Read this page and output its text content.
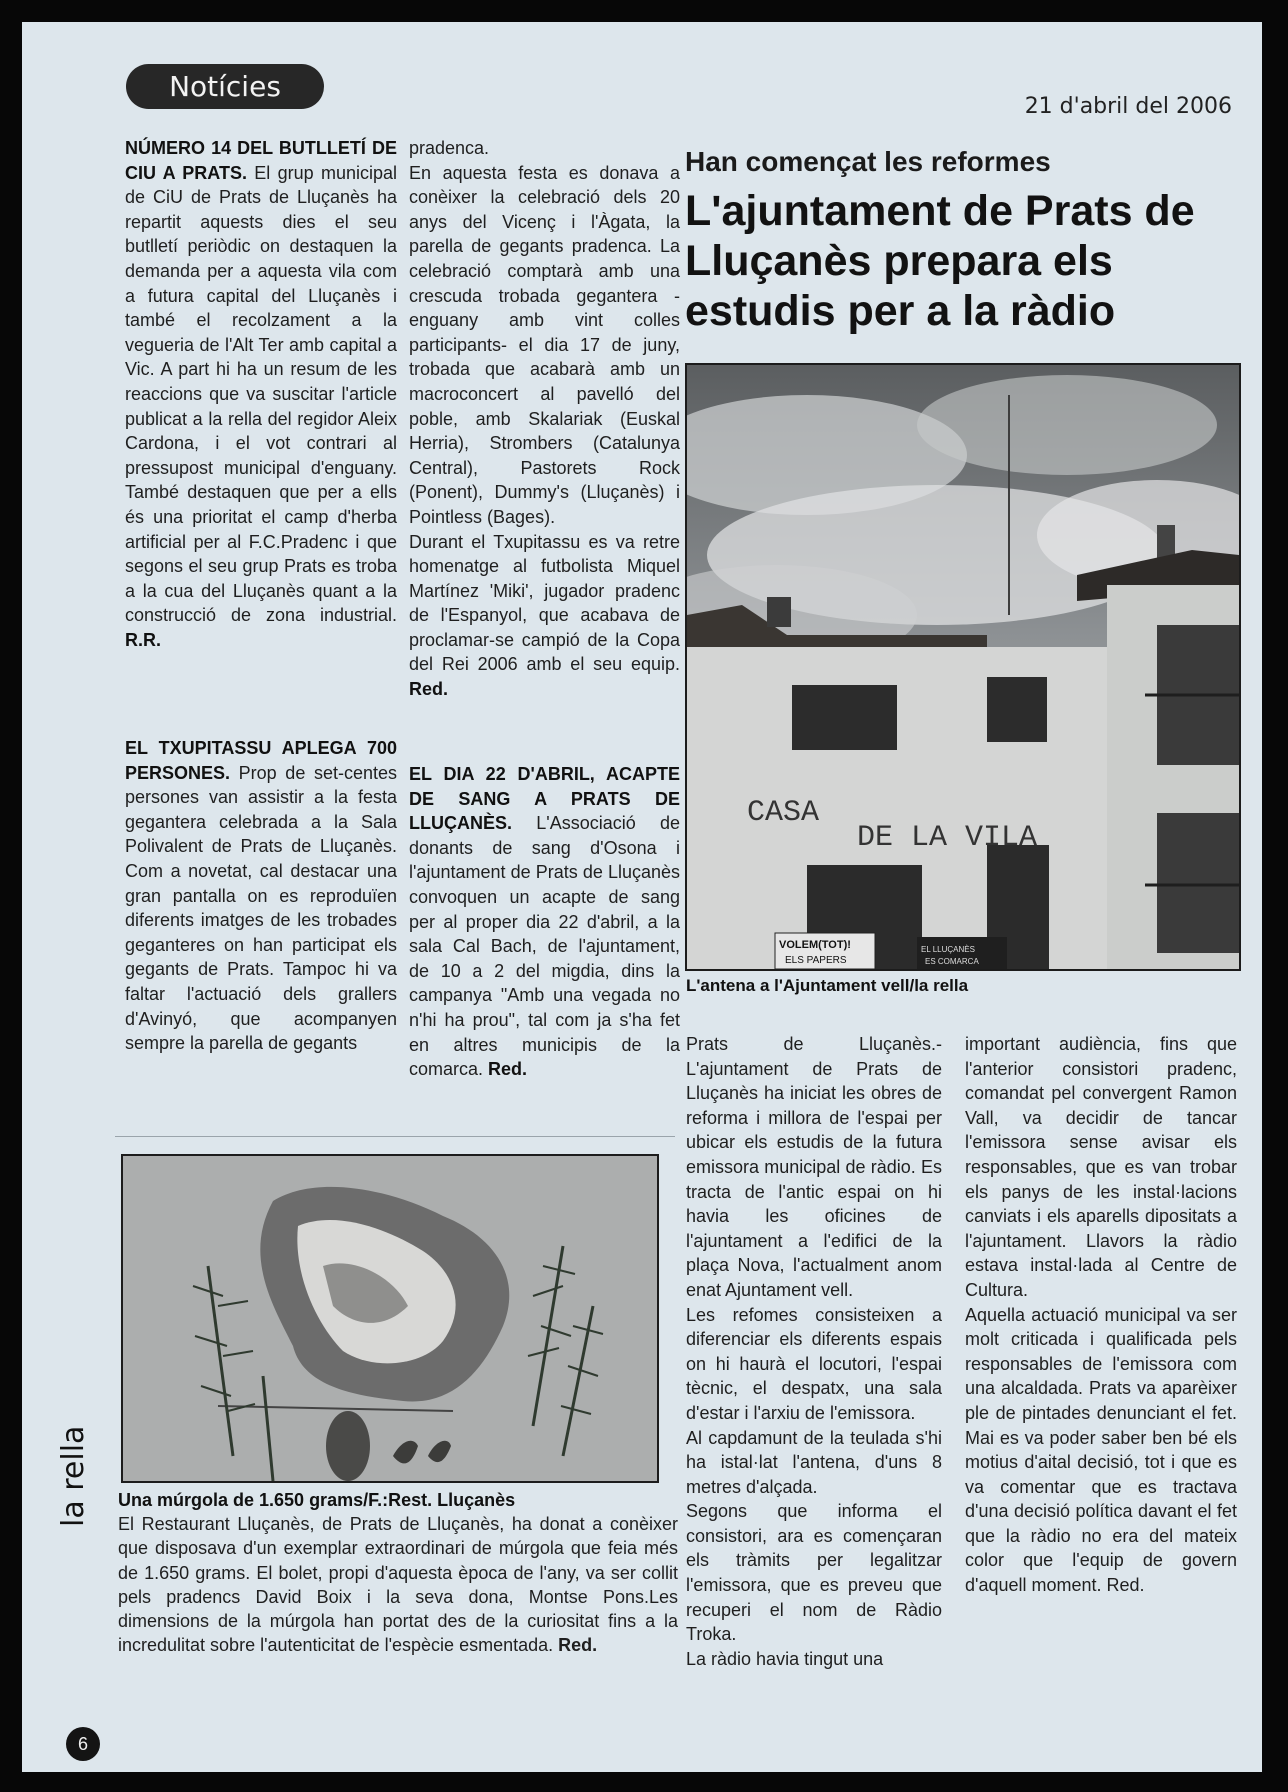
Notícies
21 d'abril del 2006

NÚMERO 14 DEL BUTLLETÍ DE CIU A PRATS. El grup municipal de CiU de Prats de Lluçanès ha repartit aquests dies el seu butlletí periòdic on destaquen la demanda per a aquesta vila com a futura capital del Lluçanès i també el recolzament a la vegueria de l'Alt Ter amb capital a Vic. A part hi ha un resum de les reaccions que va suscitar l'article publicat a la rella del regidor Aleix Cardona, i el vot contrari al pressupost municipal d'enguany. També destaquen que per a ells és una prioritat el camp d'herba artificial per al F.C.Pradenc i que segons el seu grup Prats es troba a la cua del Lluçanès quant a la construcció de zona industrial. R.R.

EL TXUPITASSU APLEGA 700 PERSONES. Prop de set-centes persones van assistir a la festa gegantera celebrada a la Sala Polivalent de Prats de Lluçanès. Com a novetat, cal destacar una gran pantalla on es reproduïen diferents imatges de les trobades geganteres on han participat els gegants de Prats. Tampoc hi va faltar l'actuació dels grallers d'Avinyó, que acompanyen sempre la parella de gegants

pradenca.

En aquesta festa es donava a conèixer la celebració dels 20 anys del Vicenç i l'Àgata, la parella de gegants pradenca. La celebració comptarà amb una crescuda trobada gegantera -enguany amb vint colles participants- el dia 17 de juny, trobada que acabarà amb un macroconcert al pavelló del poble, amb Skalariak (Euskal Herria), Strombers (Catalunya Central), Pastorets Rock (Ponent), Dummy's (Lluçanès) i Pointless (Bages).

Durant el Txupitassu es va retre homenatge al futbolista Miquel Martínez 'Miki', jugador pradenc de l'Espanyol, que acabava de proclamar-se campió de la Copa del Rei 2006 amb el seu equip. Red.

EL DIA 22 D'ABRIL, ACAPTE DE SANG A PRATS DE LLUÇANÈS. L'Associació de donants de sang d'Osona i l'ajuntament de Prats de Lluçanès convoquen un acapte de sang per al proper dia 22 d'abril, a la sala Cal Bach, de l'ajuntament, de 10 a 2 del migdia, dins la campanya "Amb una vegada no n'hi ha prou", tal com ja s'ha fet en altres municipis de la comarca. Red.

Han començat les reformes
L'ajuntament de Prats de Lluçanès prepara els estudis per a la ràdio
CASA
DE LA VILA
VOLEM(TOT)!
ELS PAPERS
EL LLUÇANÈS
ES COMARCA
L'antena a l'Ajuntament vell/la rella

Prats de Lluçanès.- L'ajuntament de Prats de Lluçanès ha iniciat les obres de reforma i millora de l'espai per ubicar els estudis de la futura emissora municipal de ràdio. Es tracta de l'antic espai on hi havia les oficines de l'ajuntament a l'edifici de la plaça Nova, l'actualment anom enat Ajuntament vell.

Les refomes consisteixen a diferenciar els diferents espais on hi haurà el locutori, l'espai tècnic, el despatx, una sala d'estar i l'arxiu de l'emissora.

Al capdamunt de la teulada s'hi ha istal·lat l'antena, d'uns 8 metres d'alçada.

Segons que informa el consistori, ara es començaran els tràmits per legalitzar l'emissora, que es preveu que recuperi el nom de Ràdio Troka.

La ràdio havia tingut una

important audiència, fins que l'anterior consistori pradenc, comandat pel convergent Ramon Vall, va decidir de tancar l'emissora sense avisar els responsables, que es van trobar els panys de les instal·lacions canviats i els aparells dipositats a l'ajuntament. Llavors la ràdio estava instal·lada al Centre de Cultura.

Aquella actuació municipal va ser molt criticada i qualificada pels responsables de l'emissora com una alcaldada. Prats va aparèixer ple de pintades denunciant el fet. Mai es va poder saber ben bé els motius d'aital decisió, tot i que es va comentar que es tractava d'una decisió política davant el fet que la ràdio no era del mateix color que l'equip de govern d'aquell moment. Red.

Una múrgola de 1.650 grams/F.:Rest. Lluçanès

El Restaurant Lluçanès, de Prats de Lluçanès, ha donat a conèixer que disposava d'un exemplar extraordinari de múrgola que feia més de 1.650 grams. El bolet, propi d'aquesta època de l'any, va ser collit pels pradencs David Boix i la seva dona, Montse Pons.Les dimensions de la múrgola han portat des de la curiositat fins a la incredulitat sobre l'autenticitat de l'espècie esmentada. Red.

la rella
6
